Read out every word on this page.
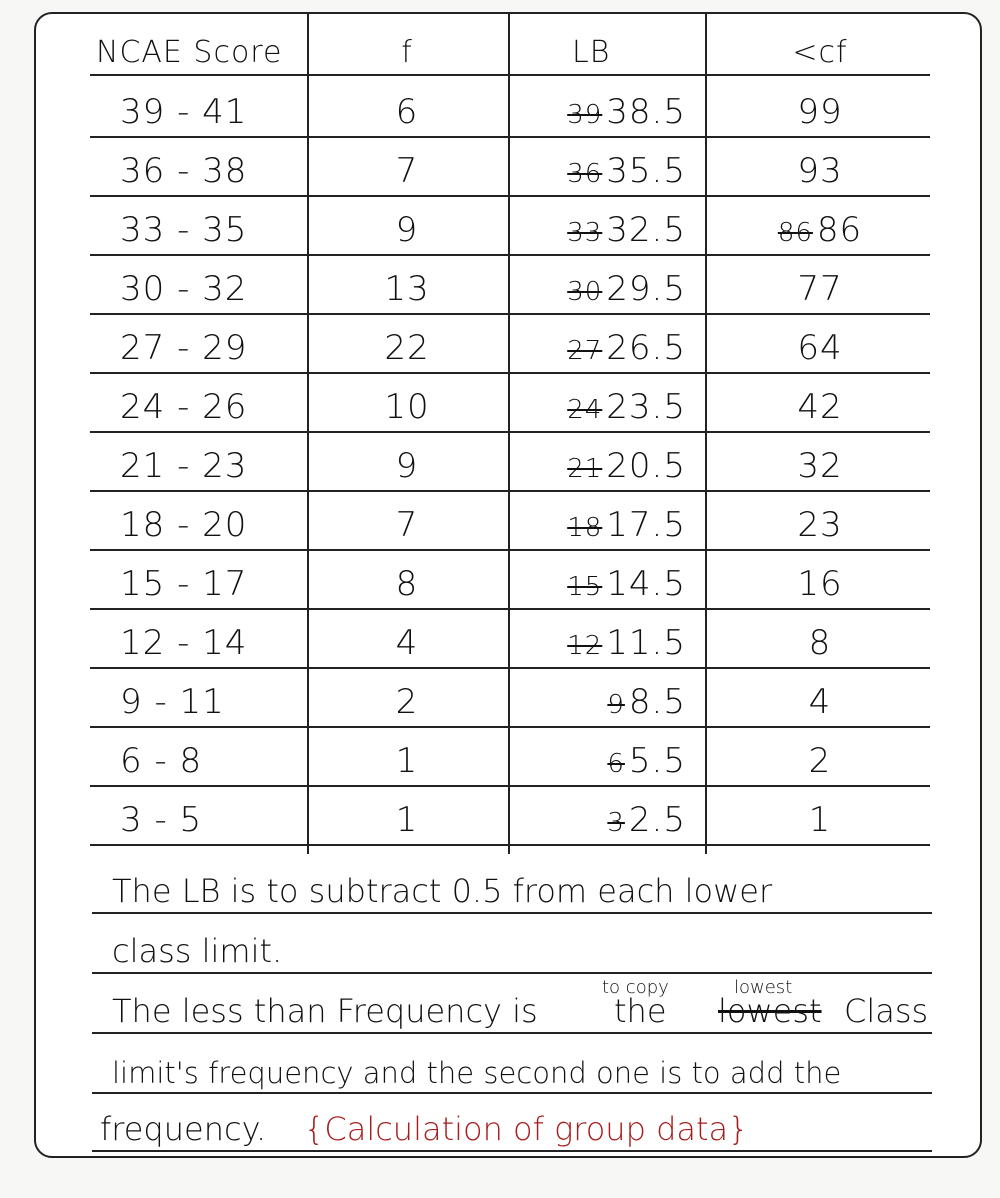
NCAE Score	f	LB	<cf
39 - 41	6	39 38.5	99
36 - 38	7	36 35.5	93
33 - 35	9	33 32.5	86 86
30 - 32	13	30 29.5	77
27 - 29	22	27 26.5	64
24 - 26	10	24 23.5	42
21 - 23	9	21 20.5	32
18 - 20	7	18 17.5	23
15 - 17	8	15 14.5	16
12 - 14	4	12 11.5	8
9 - 11	2	9 8.5	4
6 - 8	1	6 5.5	2
3 - 5	1	3 2.5	1
The LB is to subtract 0.5 from each lower
class limit.
The less than Frequency is
to copy
the lowest
lowest
Class
limit's frequency and the second one is to add the
frequency. {Calculation of group data}
